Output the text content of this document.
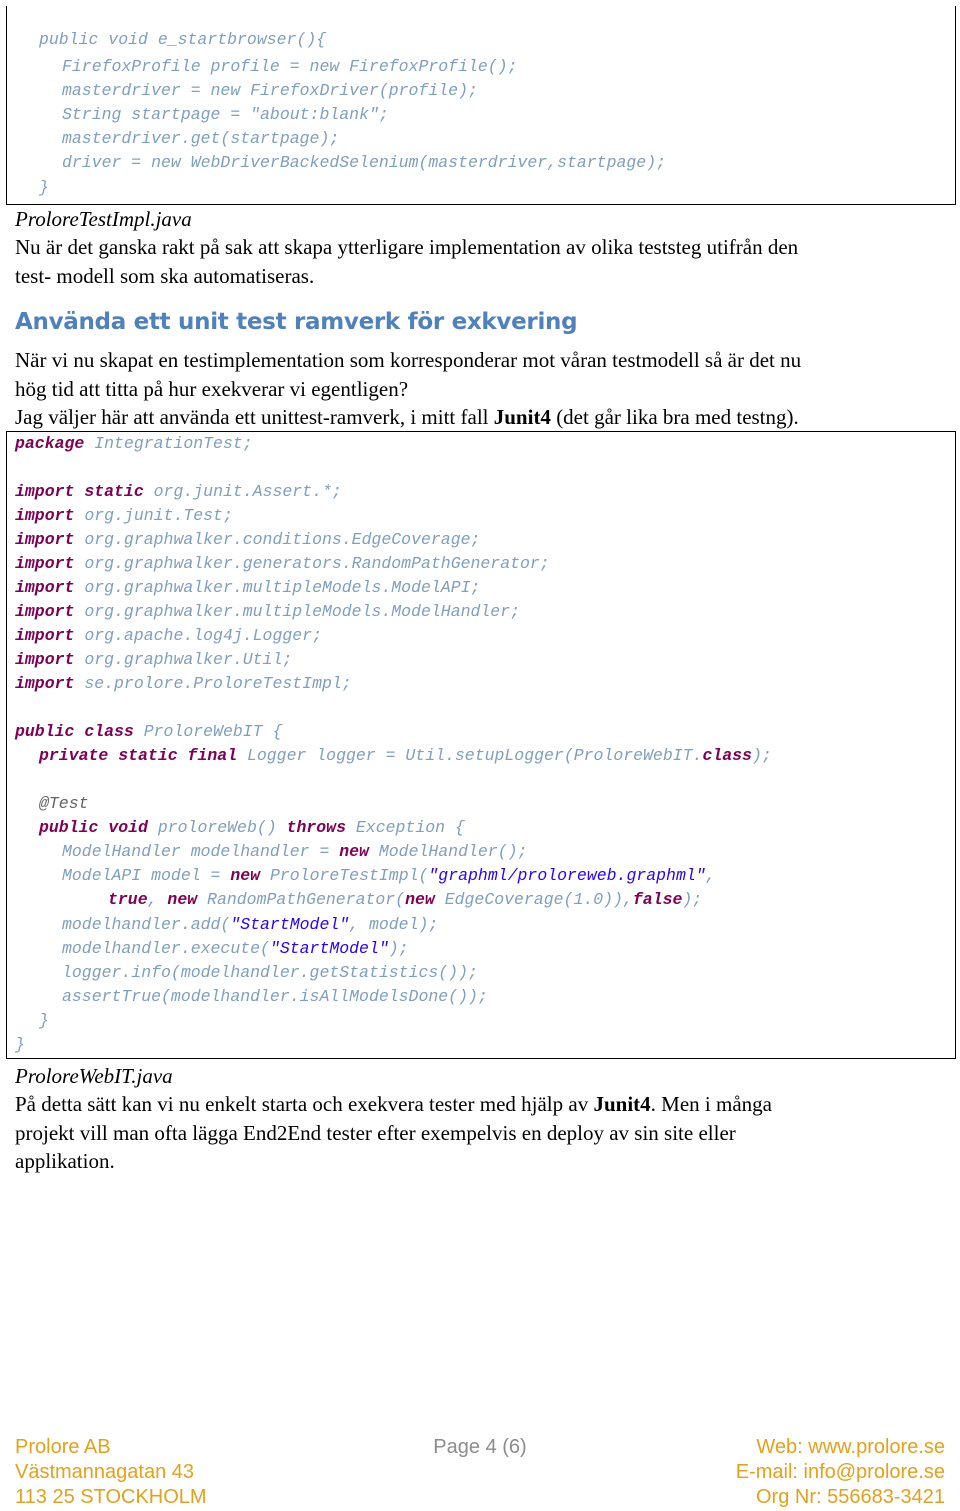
public void e_startbrowser(){
FirefoxProfile profile = new FirefoxProfile();
masterdriver = new FirefoxDriver(profile);
String startpage = "about:blank";
masterdriver.get(startpage);
driver = new WebDriverBackedSelenium(masterdriver,startpage);
}
ProloreTestImpl.java
Nu är det ganska rakt på sak att skapa ytterligare implementation av olika teststeg utifrån den
test- modell som ska automatiseras.
Använda ett unit test ramverk för exkvering
När vi nu skapat en testimplementation som korresponderar mot våran testmodell så är det nu
hög tid att titta på hur exekverar vi egentligen?
Jag väljer här att använda ett unittest-ramverk, i mitt fall Junit4 (det går lika bra med testng).
package IntegrationTest;
import static org.junit.Assert.*;
import org.junit.Test;
import org.graphwalker.conditions.EdgeCoverage;
import org.graphwalker.generators.RandomPathGenerator;
import org.graphwalker.multipleModels.ModelAPI;
import org.graphwalker.multipleModels.ModelHandler;
import org.apache.log4j.Logger;
import org.graphwalker.Util;
import se.prolore.ProloreTestImpl;
public class ProloreWebIT {
private static final Logger logger = Util.setupLogger(ProloreWebIT.class);
@Test
public void proloreWeb() throws Exception {
ModelHandler modelhandler = new ModelHandler();
ModelAPI model = new ProloreTestImpl("graphml/proloreweb.graphml",
true, new RandomPathGenerator(new EdgeCoverage(1.0)),false);
modelhandler.add("StartModel", model);
modelhandler.execute("StartModel");
logger.info(modelhandler.getStatistics());
assertTrue(modelhandler.isAllModelsDone());
}
}
ProloreWebIT.java
På detta sätt kan vi nu enkelt starta och exekvera tester med hjälp av Junit4. Men i många
projekt vill man ofta lägga End2End tester efter exempelvis en deploy av sin site eller
applikation.
Prolore AB
Västmannagatan 43
113 25 STOCKHOLM
Page 4 (6)	Web: www.prolore.se
E-mail: info@prolore.se
Org Nr: 556683-3421
